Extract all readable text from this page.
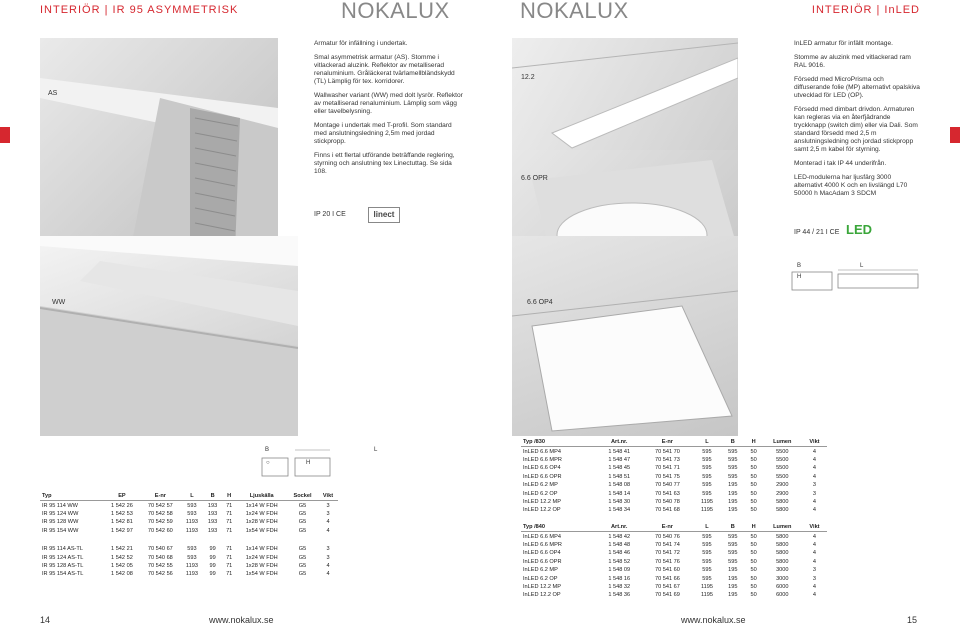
INTERIÖR | IR 95 ASYMMETRISK	NOKALUX	NOKALUX	INTERIÖR | InLED
AS
WW

Armatur för infällning i undertak.

Smal asymmetrisk armatur (AS). Stomme i vitlackerad aluzink. Reflektor av metalliserad renaluminium. Gråläckerat tvärlamellbländskydd (TL) Lämplig för tex. korridorer.

Wallwasher variant (WW) med dolt lysrör. Reflektor av metalliserad renaluminium. Lämplig som vägg eller tavelbelysning.

Montage i undertak med T-profil. Som standard med anslutningsledning 2,5m med jordad stickpropp.

Finns i ett flertal utförande beträffande reglering, styrning och anslutning tex Linectuttag. Se sida 108.

IP 20 I CE	linect
B
○	H
L
Typ	EP	E-nr	L	B	H	Ljuskälla	Sockel	Vikt
IR 95 114 WW	1 542 26	70 542 57	593	193	71	1x14 W FDH	G5	3
IR 95 124 WW	1 542 53	70 542 58	593	193	71	1x24 W FDH	G5	3
IR 95 128 WW	1 542 81	70 542 59	1193	193	71	1x28 W FDH	G5	4
IR 95 154 WW	1 542 97	70 542 60	1193	193	71	1x54 W FDH	G5	4

IR 95 114 AS-TL	1 542 21	70 540 67	593	99	71	1x14 W FDH	G5	3
IR 95 124 AS-TL	1 542 52	70 540 68	593	99	71	1x24 W FDH	G5	3
IR 95 128 AS-TL	1 542 05	70 542 55	1193	99	71	1x28 W FDH	G5	4
IR 95 154 AS-TL	1 542 08	70 542 56	1193	99	71	1x54 W FDH	G5	4
12.2
6.6 OPR
6.6 OP4

InLED armatur för infällt montage.

Stomme av aluzink med vitlackerad ram RAL 9016.

Försedd med MicroPrisma och diffuserande folie (MP) alternativt opalskiva utvecklad för LED (OP).

Försedd med dimbart drivdon. Armaturen kan regleras via en återfjädrande tryckknapp (switch dim) eller via Dali. Som standard försedd med 2,5 m anslutningsledning och jordad stickpropp samt 2,5 m kabel för styrning.

Monterad i tak IP 44 underifrån.

LED-modulerna har ljusfärg 3000 alternativt 4000 K och en livslängd L70 50000 h MacAdam 3 SDCM

IP 44 / 21 I CE LED
B
H
L
Typ /830	Art.nr.	E-nr	L	B	H	Lumen	Vikt
InLED 6.6 MP4	1 548 41	70 541 70	595	595	50	5500	4
InLED 6.6 MPR	1 548 47	70 541 73	595	595	50	5500	4
InLED 6.6 OP4	1 548 45	70 541 71	595	595	50	5500	4
InLED 6.6 OPR	1 548 51	70 541 75	595	595	50	5500	4
InLED 6.2 MP	1 548 08	70 540 77	595	195	50	2900	3
InLED 6.2 OP	1 548 14	70 541 63	595	195	50	2900	3
InLED 12.2 MP	1 548 30	70 540 78	1195	195	50	5800	4
InLED 12.2 OP	1 548 34	70 541 68	1195	195	50	5800	4
Typ /840	Art.nr.	E-nr	L	B	H	Lumen	Vikt
InLED 6.6 MP4	1 548 42	70 540 76	595	595	50	5800	4
InLED 6.6 MPR	1 548 48	70 541 74	595	595	50	5800	4
InLED 6.6 OP4	1 548 46	70 541 72	595	595	50	5800	4
InLED 6.6 OPR	1 548 52	70 541 76	595	595	50	5800	4
InLED 6.2 MP	1 548 09	70 541 60	595	195	50	3000	3
InLED 6.2 OP	1 548 16	70 541 66	595	195	50	3000	3
InLED 12.2 MP	1 548 32	70 541 67	1195	195	50	6000	4
InLED 12.2 OP	1 548 36	70 541 69	1195	195	50	6000	4
14	www.nokalux.se	www.nokalux.se	15
